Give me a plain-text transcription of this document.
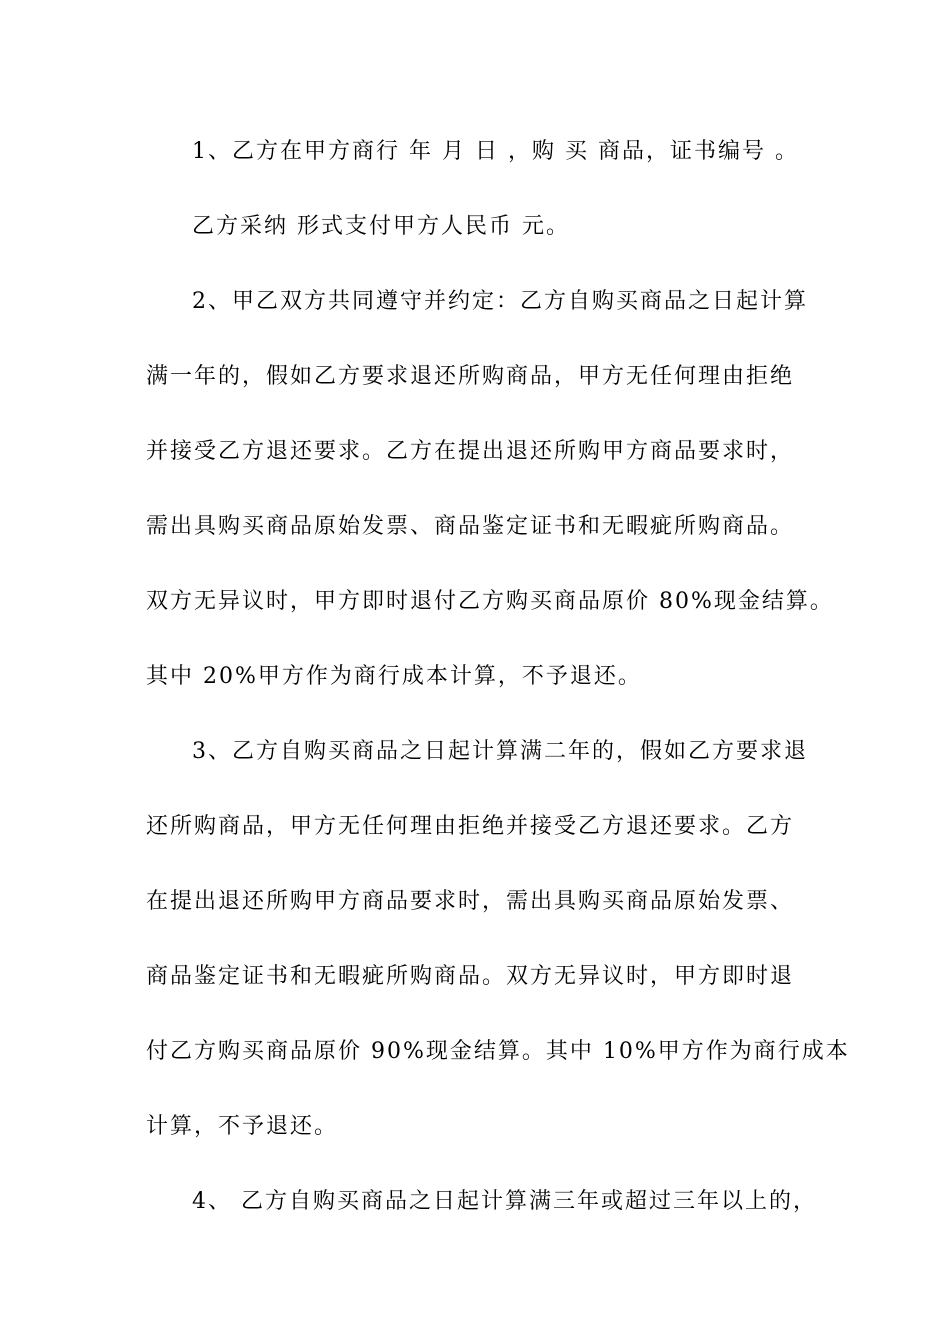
1、乙方在甲方商行 年 月 日 ，购 买 商品，证书编号 。
乙方采纳 形式支付甲方人民币 元。
2、甲乙双方共同遵守并约定：乙方自购买商品之日起计算
满一年的，假如乙方要求退还所购商品，甲方无任何理由拒绝
并接受乙方退还要求。乙方在提出退还所购甲方商品要求时，
需出具购买商品原始发票、商品鉴定证书和无暇疵所购商品。
双方无异议时，甲方即时退付乙方购买商品原价 80%现金结算。
其中 20%甲方作为商行成本计算，不予退还。
3、乙方自购买商品之日起计算满二年的，假如乙方要求退
还所购商品，甲方无任何理由拒绝并接受乙方退还要求。乙方
在提出退还所购甲方商品要求时，需出具购买商品原始发票、
商品鉴定证书和无暇疵所购商品。双方无异议时，甲方即时退
付乙方购买商品原价 90%现金结算。其中 10%甲方作为商行成本
计算，不予退还。
4、 乙方自购买商品之日起计算满三年或超过三年以上的，
